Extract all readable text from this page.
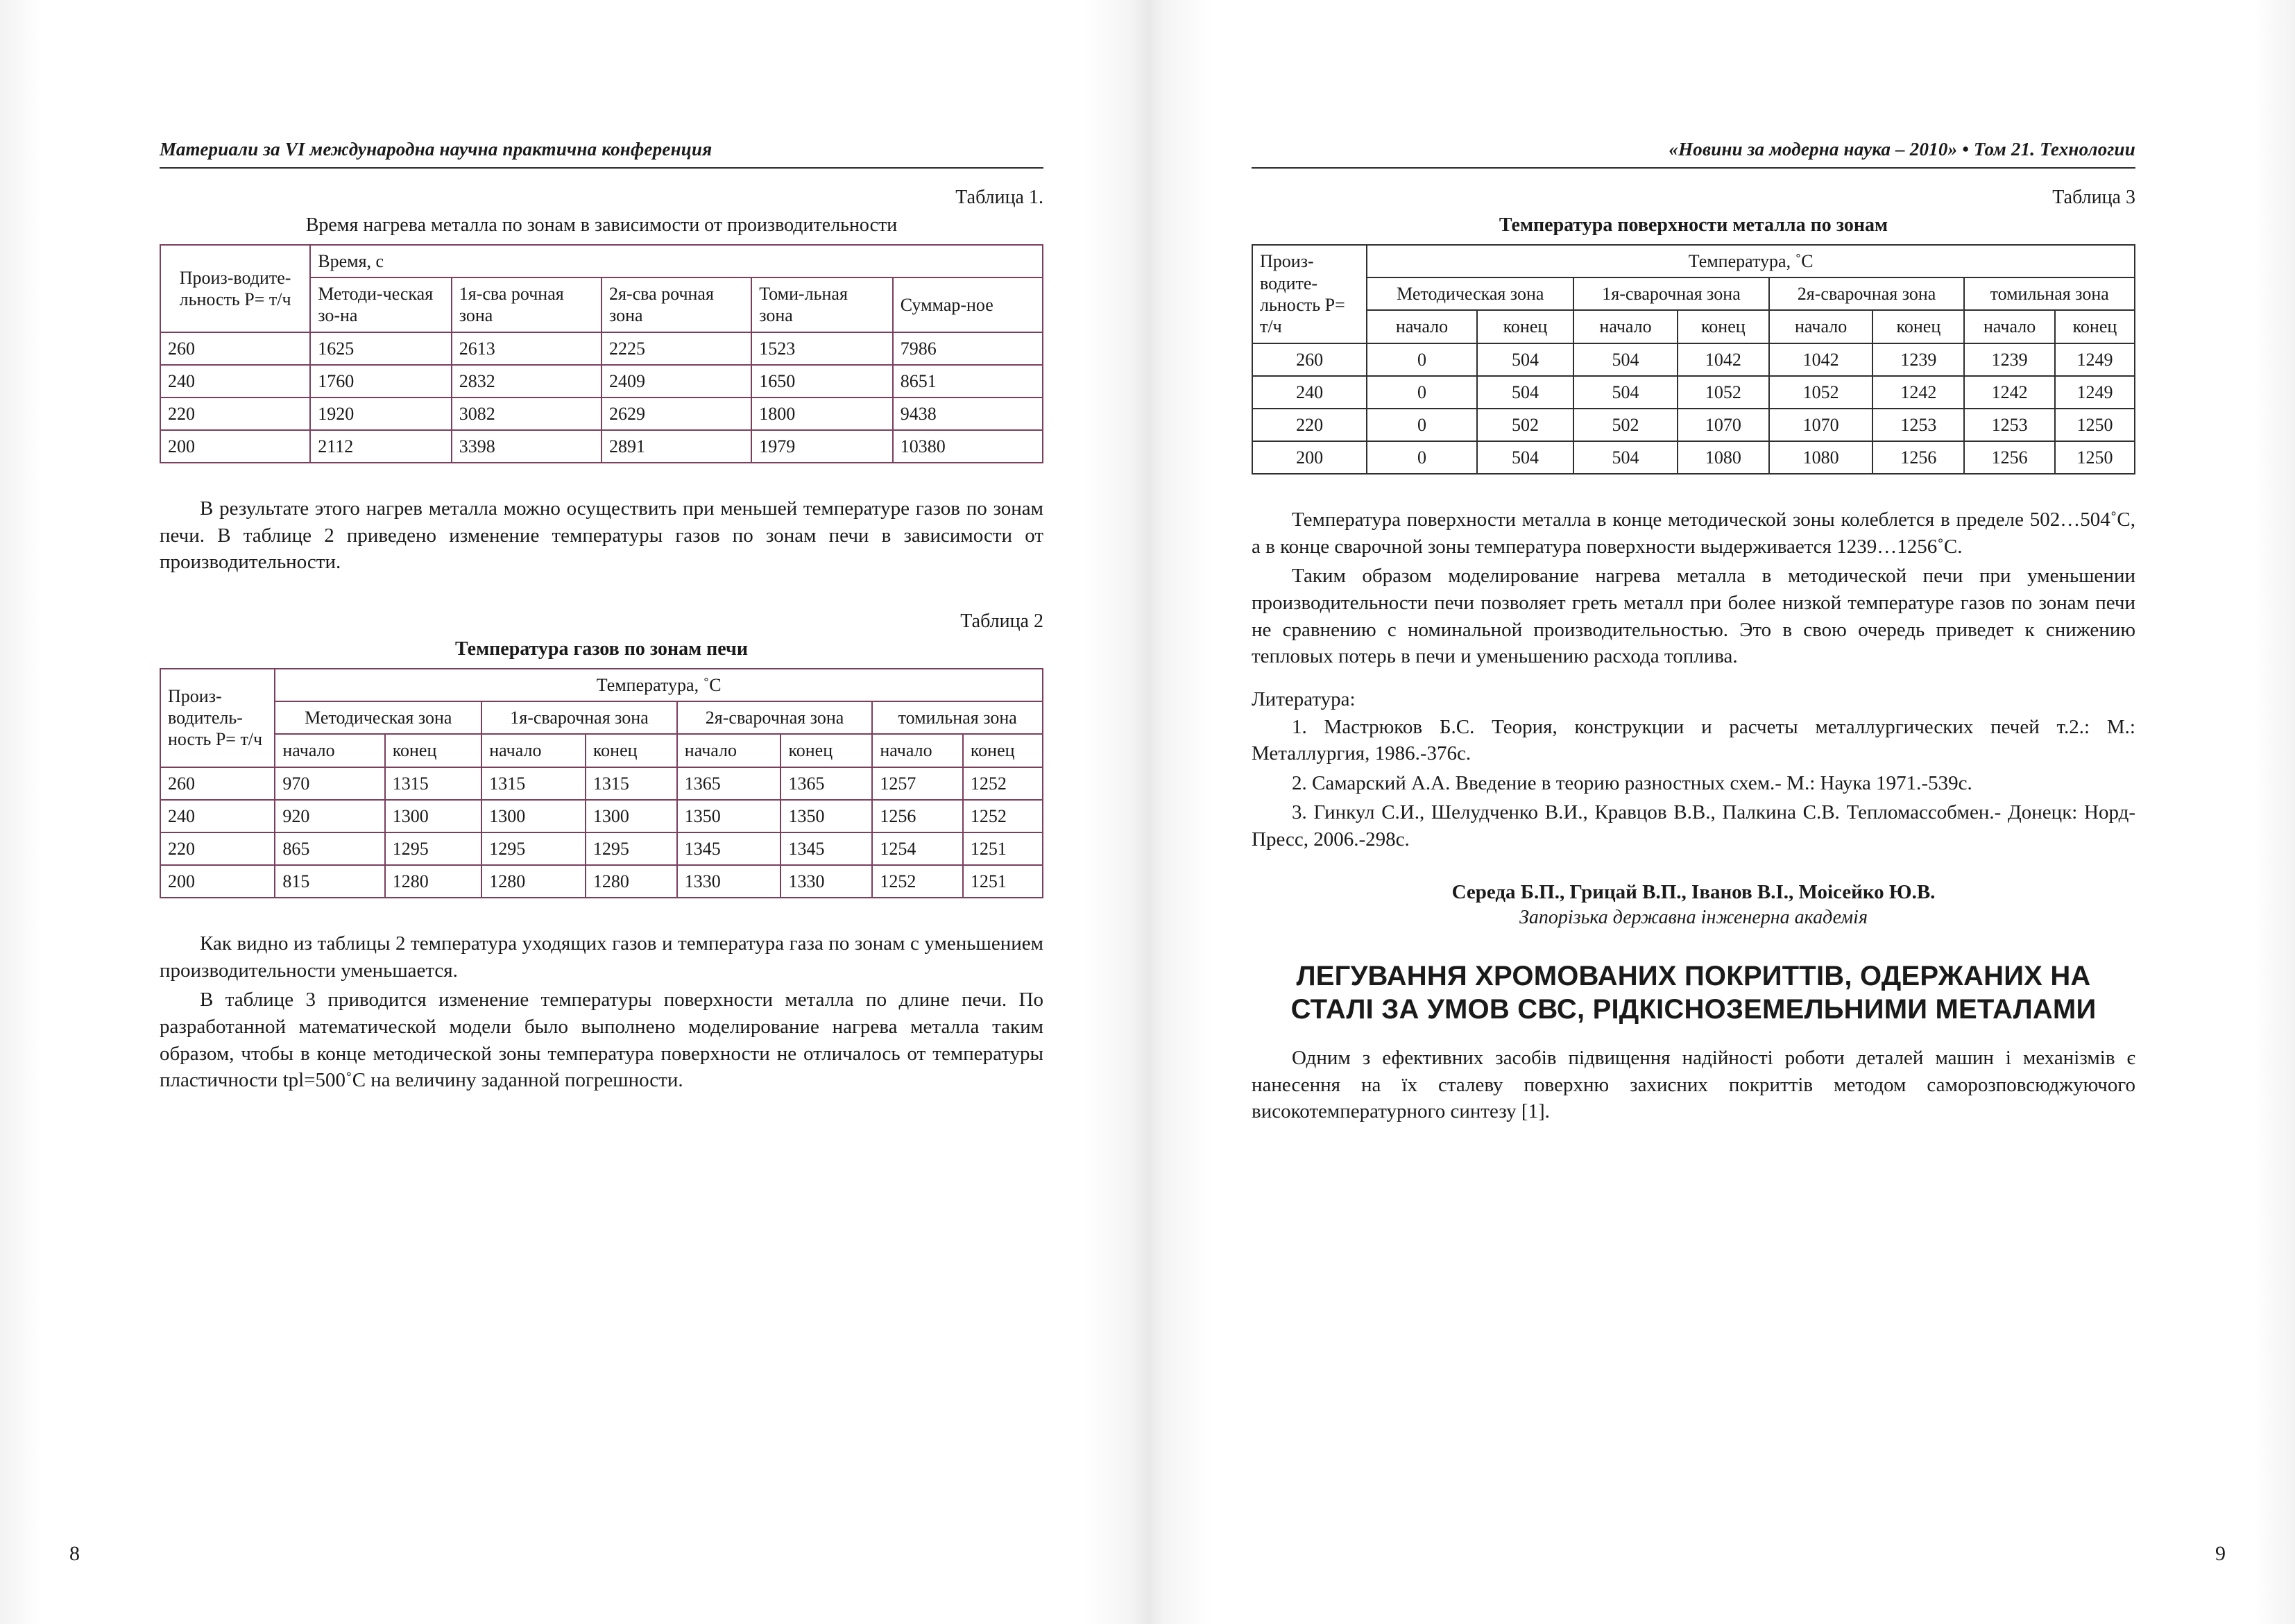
Материали за VI международна научна практична конференция
Таблица 1.
Время нагрева металла по зонам в зависимости от производительности
Произ-водите-льность Р= т/ч	Время, с				
	Методи-ческая зо-на	1я-сва рочная зона	2я-сва рочная зона	Томи-льная зона	Суммар-ное
260	1625	2613	2225	1523	7986
240	1760	2832	2409	1650	8651
220	1920	3082	2629	1800	9438
200	2112	3398	2891	1979	10380

В результате этого нагрев металла можно осуществить при меньшей температуре газов по зонам печи. В таблице 2 приведено изменение температуры газов по зонам печи в зависимости от производительности.

Таблица 2
Температура газов по зонам печи
Произ-водитель-ность Р= т/ч	Температура, ˚С							
	Методическая зона		1я-сварочная зона		2я-сварочная зона		томильная зона	
	начало	конец	начало	конец	начало	конец	начало	конец
260	970	1315	1315	1315	1365	1365	1257	1252
240	920	1300	1300	1300	1350	1350	1256	1252
220	865	1295	1295	1295	1345	1345	1254	1251
200	815	1280	1280	1280	1330	1330	1252	1251

Как видно из таблицы 2 температура уходящих газов и температура газа по зонам с уменьшением производительности уменьшается.

В таблице 3 приводится изменение температуры поверхности металла по длине печи. По разработанной математической модели было выполнено моделирование нагрева металла таким образом, чтобы в конце методической зоны температура поверхности не отличалось от температуры пластичности tрl=500˚С на величину заданной погрешности.

8
«Новини за модерна наука – 2010» • Том 21. Технологии
Таблица 3
Температура поверхности металла по зонам
Произ-водите-льность Р= т/ч	Температура, ˚С							
	Методическая зона		1я-сварочная зона		2я-сварочная зона		томильная зона	
	начало	конец	начало	конец	начало	конец	начало	конец
260	0	504	504	1042	1042	1239	1239	1249
240	0	504	504	1052	1052	1242	1242	1249
220	0	502	502	1070	1070	1253	1253	1250
200	0	504	504	1080	1080	1256	1256	1250

Температура поверхности металла в конце методической зоны колеблется в пределе 502…504˚С, а в конце сварочной зоны температура поверхности выдерживается 1239…1256˚С.

Таким образом моделирование нагрева металла в методической печи при уменьшении производительности печи позволяет греть металл при более низкой температуре газов по зонам печи не сравнению с номинальной производительностью. Это в свою очередь приведет к снижению тепловых потерь в печи и уменьшению расхода топлива.

Литература:

1. Мастрюков Б.С. Теория, конструкции и расчеты металлургических печей т.2.: М.: Металлургия, 1986.-376с.

2. Самарский А.А. Введение в теорию разностных схем.- М.: Наука 1971.-539с.

3. Гинкул С.И., Шелудченко В.И., Кравцов В.В., Палкина С.В. Тепломассобмен.- Донецк: Норд-Пресс, 2006.-298с.

Середа Б.П., Грицай В.П., Іванов В.І., Моісейко Ю.В.
Запорізька державна інженерна академія
ЛЕГУВАННЯ ХРОМОВАНИХ ПОКРИТТІВ, ОДЕРЖАНИХ НА СТАЛІ ЗА УМОВ СВС, РІДКІСНОЗЕМЕЛЬНИМИ МЕТАЛАМИ

Одним з ефективних засобів підвищення надійності роботи деталей машин і механізмів є нанесення на їх сталеву поверхню захисних покриттів методом саморозповсюджуючого високотемпературного синтезу [1].

9
